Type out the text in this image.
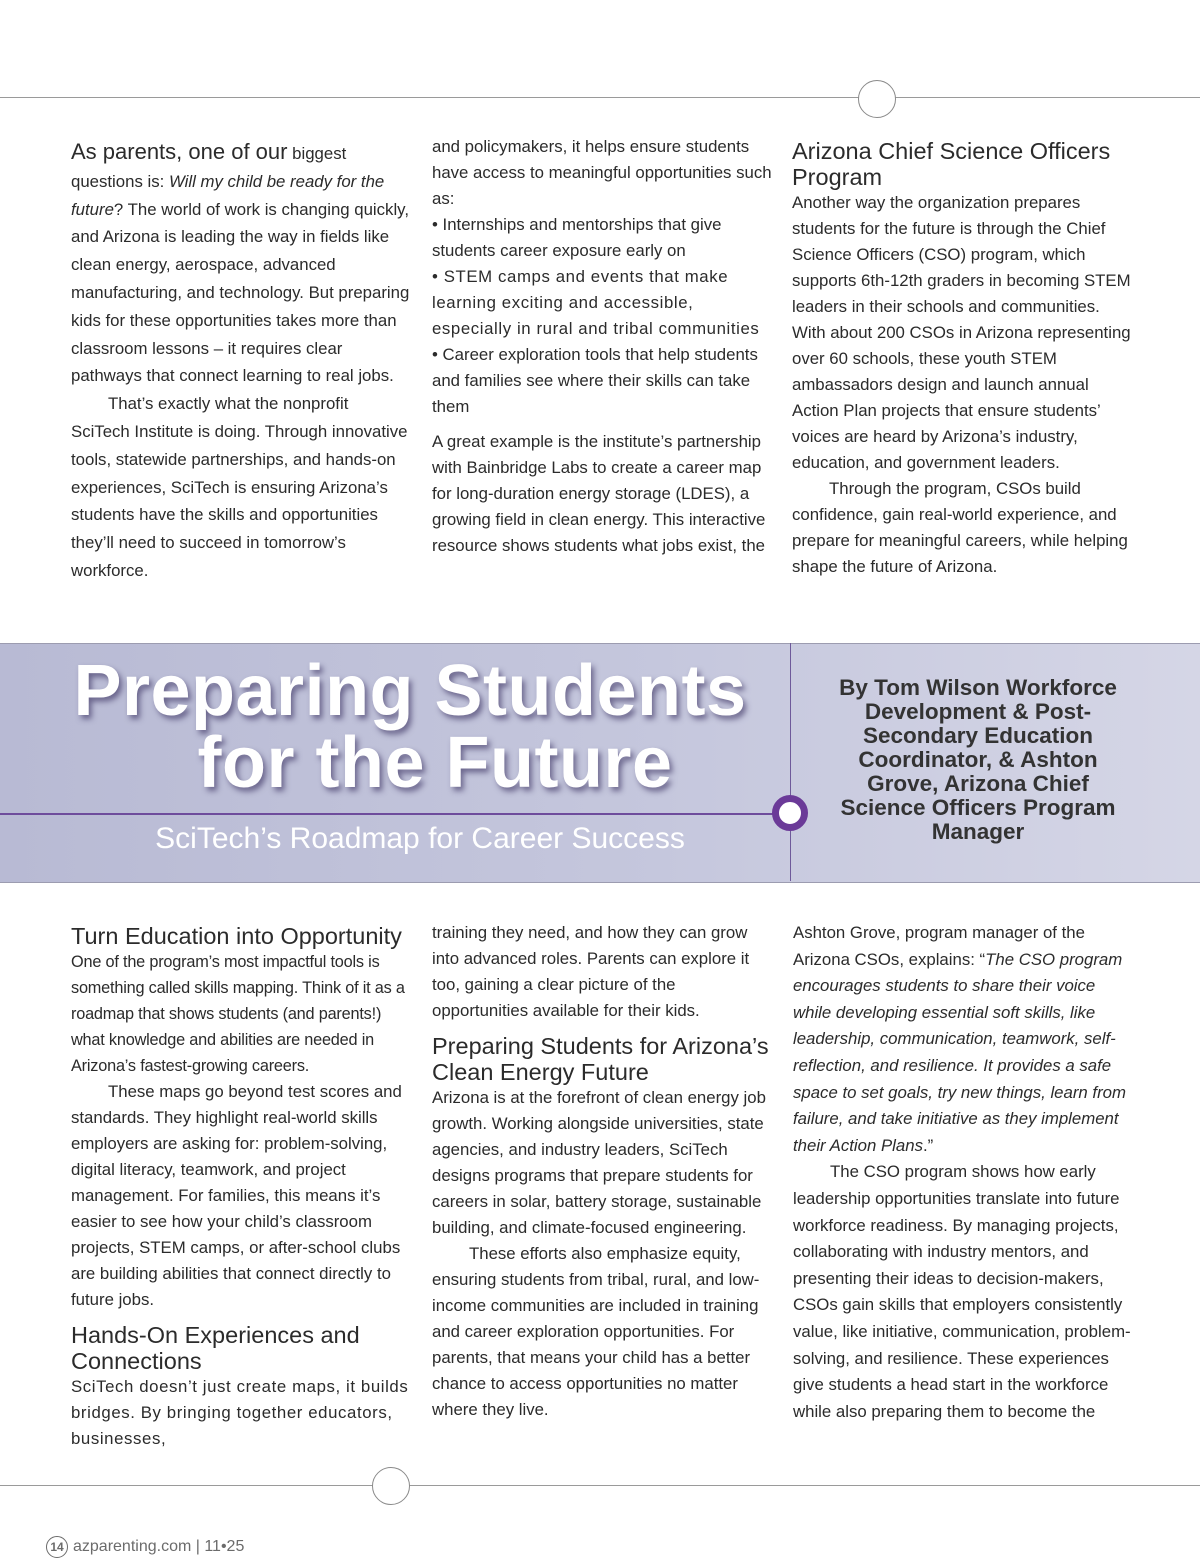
As parents, one of our biggest questions is: Will my child be ready for the future? The world of work is changing quickly, and Arizona is leading the way in fields like clean energy, aerospace, advanced manufacturing, and technology. But preparing kids for these opportunities takes more than classroom lessons – it requires clear pathways that connect learning to real jobs.

That’s exactly what the nonprofit SciTech Institute is doing. Through innovative tools, statewide partnerships, and hands-on experiences, SciTech is ensuring Arizona’s students have the skills and opportunities they’ll need to succeed in tomorrow’s workforce.

and policymakers, it helps ensure students have access to meaningful opportunities such as:

• Internships and mentorships that give students career exposure early on

• STEM camps and events that make learning exciting and accessible, especially in rural and tribal communities

• Career exploration tools that help students and families see where their skills can take them

A great example is the institute’s partnership with Bainbridge Labs to create a career map for long-duration energy storage (LDES), a growing field in clean energy. This interactive resource shows students what jobs exist, the

Arizona Chief Science Officers Program

Another way the organization prepares students for the future is through the Chief Science Officers (CSO) program, which supports 6th-12th graders in becoming STEM leaders in their schools and communities. With about 200 CSOs in Arizona representing over 60 schools, these youth STEM ambassadors design and launch annual Action Plan projects that ensure students’ voices are heard by Arizona’s industry, education, and government leaders.

Through the program, CSOs build confidence, gain real-world experience, and prepare for meaningful careers, while helping shape the future of Arizona.

Preparing Students
for the Future
SciTech’s Roadmap for Career Success
By Tom Wilson Workforce Development & Post-Secondary Education Coordinator, & Ashton Grove, Arizona Chief Science Officers Program Manager

Turn Education into Opportunity

One of the program’s most impactful tools is something called skills mapping. Think of it as a roadmap that shows students (and parents!) what knowledge and abilities are needed in Arizona’s fastest-growing careers.

These maps go beyond test scores and standards. They highlight real-world skills employers are asking for: problem-solving, digital literacy, teamwork, and project management. For families, this means it’s easier to see how your child’s classroom projects, STEM camps, or after-school clubs are building abilities that connect directly to future jobs.

Hands-On Experiences and Connections

SciTech doesn’t just create maps, it builds bridges. By bringing together educators, businesses,

training they need, and how they can grow into advanced roles. Parents can explore it too, gaining a clear picture of the opportunities available for their kids.

Preparing Students for Arizona’s Clean Energy Future

Arizona is at the forefront of clean energy job growth. Working alongside universities, state agencies, and industry leaders, SciTech designs programs that prepare students for careers in solar, battery storage, sustainable building, and climate-focused engineering.

These efforts also emphasize equity, ensuring students from tribal, rural, and low-income communities are included in training and career exploration opportunities. For parents, that means your child has a better chance to access opportunities no matter where they live.

Ashton Grove, program manager of the Arizona CSOs, explains: “The CSO program encourages students to share their voice while developing essential soft skills, like leadership, communication, teamwork, self-reflection, and resilience. It provides a safe space to set goals, try new things, learn from failure, and take initiative as they implement their Action Plans.”

The CSO program shows how early leadership opportunities translate into future workforce readiness. By managing projects, collaborating with industry mentors, and presenting their ideas to decision-makers, CSOs gain skills that employers consistently value, like initiative, communication, problem-solving, and resilience. These experiences give students a head start in the workforce while also preparing them to become the

14 azparenting.com | 11•25
